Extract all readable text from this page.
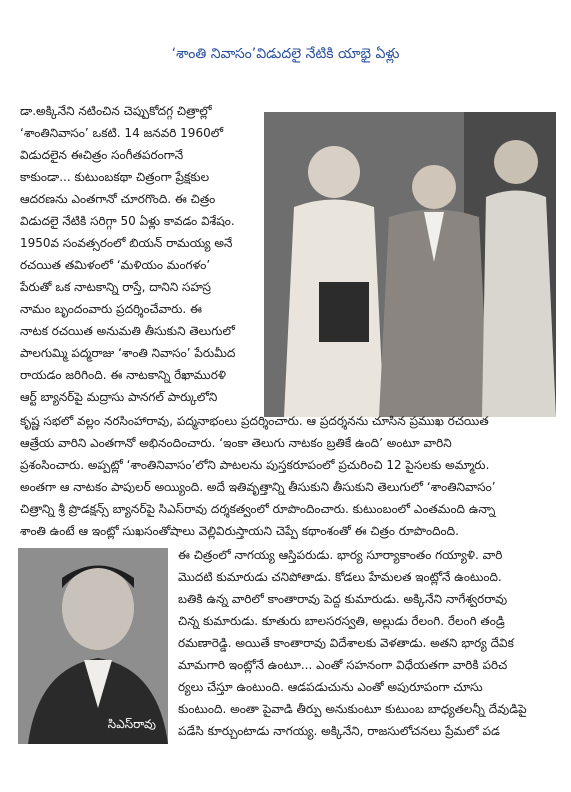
‘శాంతి నివాసం’విడుదలై నేటికి యాభై ఏళ్లు
సిఎస్‌రావు
డా.అక్కినేని నటించిన చెప్పుకోదగ్గ చిత్రాల్లో
‘శాంతినివాసం’ ఒకటి. 14 జనవరి 1960లో
విడుదలైన ఈచిత్రం సంగీతపరంగానే
కాకుండా... కుటుంబకథా చిత్రంగా ప్రేక్షకుల
ఆదరణను ఎంతగానో చూరగొంది. ఈ చిత్రం
విడుదలై నేటికి సరిగ్గా 50 ఏళ్లు కావడం విశేషం.
1950వ సంవత్సరంలో బియన్ రామయ్య అనే
రచయిత తమిళంలో ‘మళియం మంగళం’
పేరుతో ఒక నాటకాన్ని రాస్తే, దానిని సహస్ర
నామం బృందంవారు ప్రదర్శించేవారు. ఈ
నాటక రచయిత అనుమతి తీసుకుని తెలుగులో
పాలగుమ్మి పద్మరాజు ‘శాంతి నివాసం’ పేరుమీద
రాయడం జరిగింది. ఈ నాటకాన్ని రేఖామురళి
ఆర్ట్ బ్యానర్‌పై మద్రాసు పానగల్ పార్కులోని
కృష్ణ సభలో వల్లం నరసింహారావు, పద్మనాభంలు ప్రదర్శించారు. ఆ ప్రదర్శనను చూసిన ప్రముఖ రచయిత
ఆత్రేయ వారిని ఎంతగానో అభినందించారు. ‘ఇంకా తెలుగు నాటకం బ్రతికే ఉంది’ అంటూ వారిని
ప్రశంసించారు. అప్పట్లో ‘శాంతినివాసం’లోని పాటలను పుస్తకరూపంలో ప్రచురించి 12 పైసలకు అమ్మారు.
అంతగా ఆ నాటకం పాపులర్ అయ్యింది. అదే ఇతివృత్తాన్ని తీసుకుని తీసుకుని తెలుగులో ‘శాంతినివాసం’
చిత్రాన్ని శ్రీ ప్రొడక్షన్స్ బ్యానర్‌పై సిఎస్‌రావు దర్శకత్వంలో రూపొందించారు. కుటుంబంలో ఎంతమంది ఉన్నా
శాంతి ఉంటే ఆ ఇంట్లో సుఖసంతోషాలు వెల్లివిరుస్తాయని చెప్పే కథాంశంతో ఈ చిత్రం రూపొందింది.
ఈ చిత్రంలో నాగయ్య ఆస్తిపరుడు. భార్య సూర్యాకాంతం గయ్యాళి. వారి
మొదటి కుమారుడు చనిపోతాడు. కోడలు హేమలత ఇంట్లోనే ఉంటుంది.
బతికి ఉన్న వారిలో కాంతారావు పెద్ద కుమారుడు. అక్కినేని నాగేశ్వరరావు
చిన్న కుమారుడు. కూతురు బాలసరస్వతి, అల్లుడు రేలంగి. రేలంగి తండ్రి
రమణారెడ్డి. అయితే కాంతారావు విదేశాలకు వెళతాడు. అతని భార్య దేవిక
మామగారి ఇంట్లోనే ఉంటూ... ఎంతో సహనంగా విధేయతగా వారికి పరిచ
ర్యలు చేస్తూ ఉంటుంది. ఆడపడుచును ఎంతో అపురూపంగా చూసు
కుంటుంది. అంతా పైవాడి తీర్పు అనుకుంటూ కుటుంబ బాధ్యతలన్నీ దేవుడిపై
పడేసి కూర్చుంటాడు నాగయ్య. అక్కినేని, రాజసులోచనలు ప్రేమలో పడ
